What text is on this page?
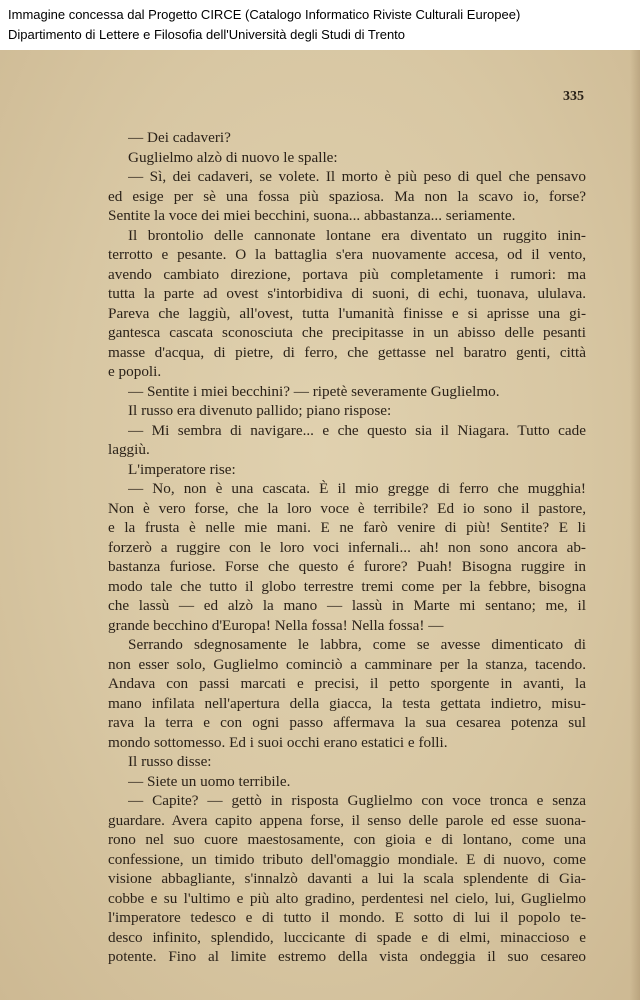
Immagine concessa dal Progetto CIRCE (Catalogo Informatico Riviste Culturali Europee)
Dipartimento di Lettere e Filosofia dell'Università degli Studi di Trento
335
— Dei cadaveri?
Guglielmo alzò di nuovo le spalle:
— Sì, dei cadaveri, se volete. Il morto è più peso di quel che pensavo
ed esige per sè una fossa più spaziosa. Ma non la scavo io, forse?
Sentite la voce dei miei becchini, suona... abbastanza... seriamente.
Il brontolio delle cannonate lontane era diventato un ruggito inin-
terrotto e pesante. O la battaglia s'era nuovamente accesa, od il vento,
avendo cambiato direzione, portava più completamente i rumori: ma
tutta la parte ad ovest s'intorbidiva di suoni, di echi, tuonava, ululava.
Pareva che laggiù, all'ovest, tutta l'umanità finisse e si aprisse una gi-
gantesca cascata sconosciuta che precipitasse in un abisso delle pesanti
masse d'acqua, di pietre, di ferro, che gettasse nel baratro genti, città
e popoli.
— Sentite i miei becchini? — ripetè severamente Guglielmo.
Il russo era divenuto pallido; piano rispose:
— Mi sembra di navigare... e che questo sia il Niagara. Tutto cade
laggiù.
L'imperatore rise:
— No, non è una cascata. È il mio gregge di ferro che mugghia!
Non è vero forse, che la loro voce è terribile? Ed io sono il pastore,
e la frusta è nelle mie mani. E ne farò venire di più! Sentite? E li
forzerò a ruggire con le loro voci infernali... ah! non sono ancora ab-
bastanza furiose. Forse che questo é furore? Puah! Bisogna ruggire in
modo tale che tutto il globo terrestre tremi come per la febbre, bisogna
che lassù — ed alzò la mano — lassù in Marte mi sentano; me, il
grande becchino d'Europa! Nella fossa! Nella fossa! —
Serrando sdegnosamente le labbra, come se avesse dimenticato di
non esser solo, Guglielmo cominciò a camminare per la stanza, tacendo.
Andava con passi marcati e precisi, il petto sporgente in avanti, la
mano infilata nell'apertura della giacca, la testa gettata indietro, misu-
rava la terra e con ogni passo affermava la sua cesarea potenza sul
mondo sottomesso. Ed i suoi occhi erano estatici e folli.
Il russo disse:
— Siete un uomo terribile.
— Capite? — gettò in risposta Guglielmo con voce tronca e senza
guardare. Avera capito appena forse, il senso delle parole ed esse suona-
rono nel suo cuore maestosamente, con gioia e di lontano, come una
confessione, un timido tributo dell'omaggio mondiale. E di nuovo, come
visione abbagliante, s'innalzò davanti a lui la scala splendente di Gia-
cobbe e su l'ultimo e più alto gradino, perdentesi nel cielo, lui, Guglielmo
l'imperatore tedesco e di tutto il mondo. E sotto di lui il popolo te-
desco infinito, splendido, luccicante di spade e di elmi, minaccioso e
potente. Fino al limite estremo della vista ondeggia il suo cesareo
